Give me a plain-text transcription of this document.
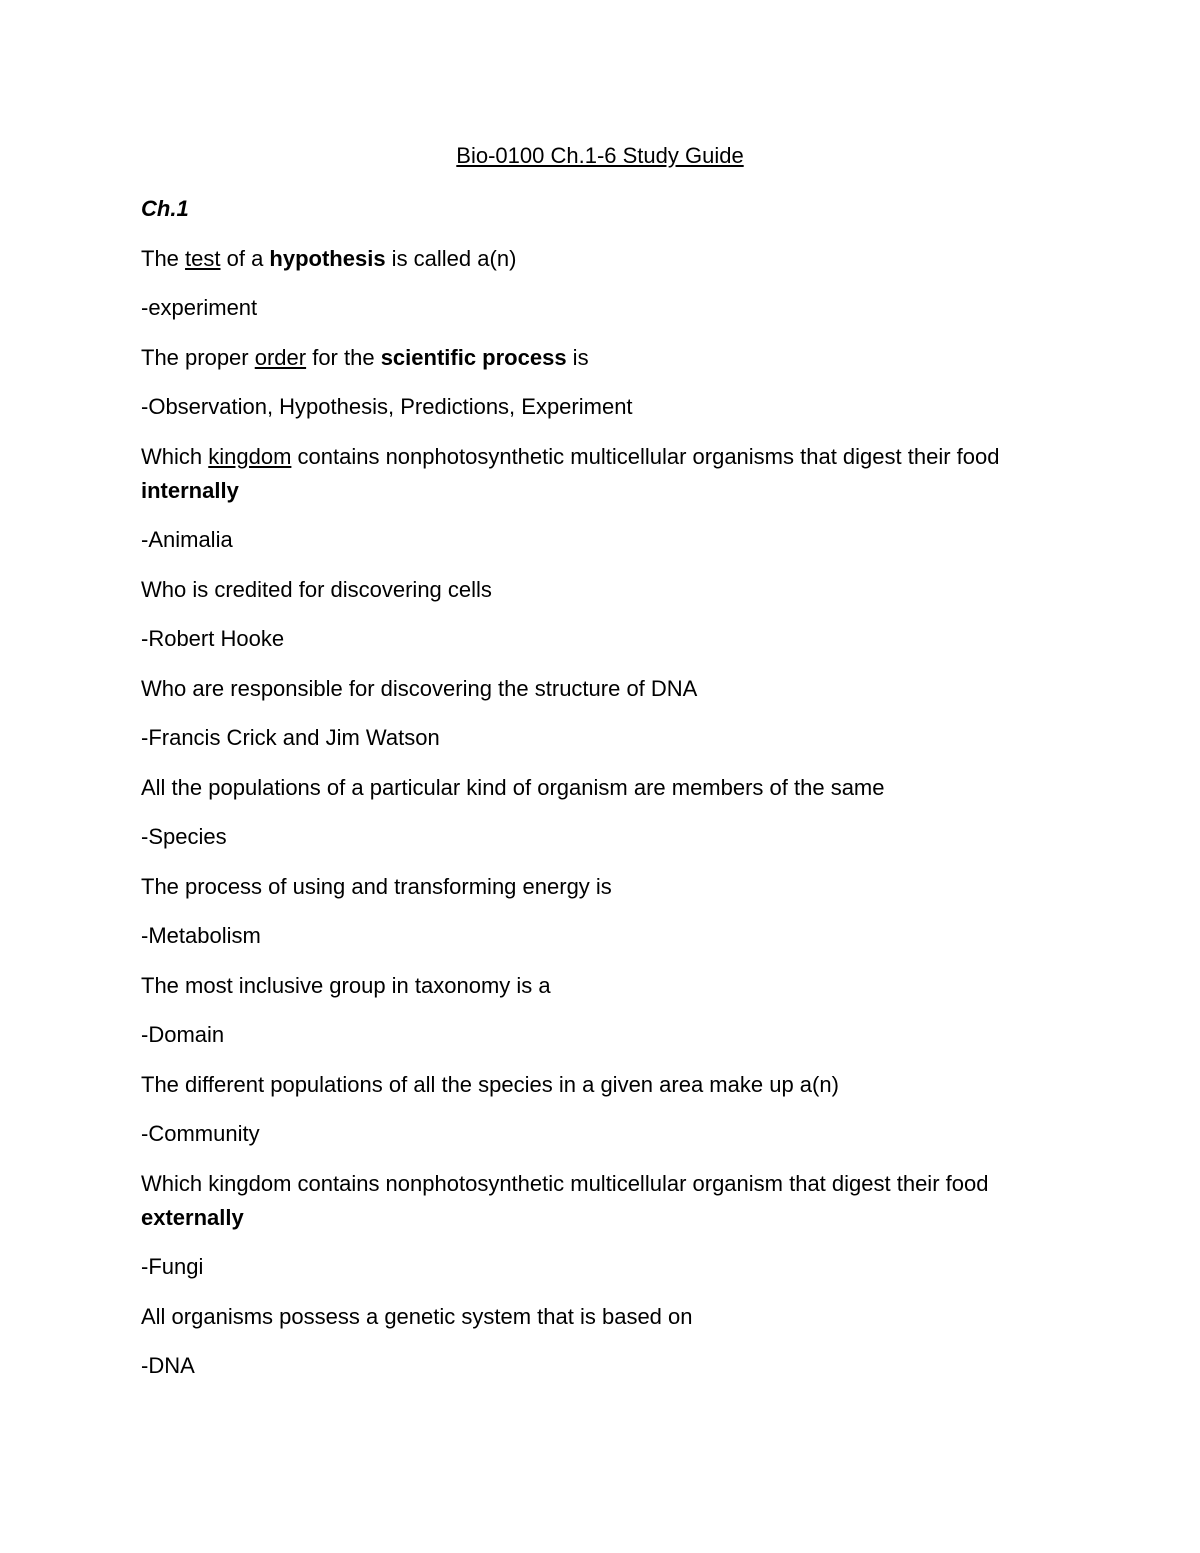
Bio-0100 Ch.1-6 Study Guide
Ch.1
The test of a hypothesis is called a(n)
-experiment
The proper order for the scientific process is
-Observation, Hypothesis, Predictions, Experiment
Which kingdom contains nonphotosynthetic multicellular organisms that digest their food internally
-Animalia
Who is credited for discovering cells
-Robert Hooke
Who are responsible for discovering the structure of DNA
-Francis Crick and Jim Watson
All the populations of a particular kind of organism are members of the same
-Species
The process of using and transforming energy is
-Metabolism
The most inclusive group in taxonomy is a
-Domain
The different populations of all the species in a given area make up a(n)
-Community
Which kingdom contains nonphotosynthetic multicellular organism that digest their food externally
-Fungi
All organisms possess a genetic system that is based on
-DNA
